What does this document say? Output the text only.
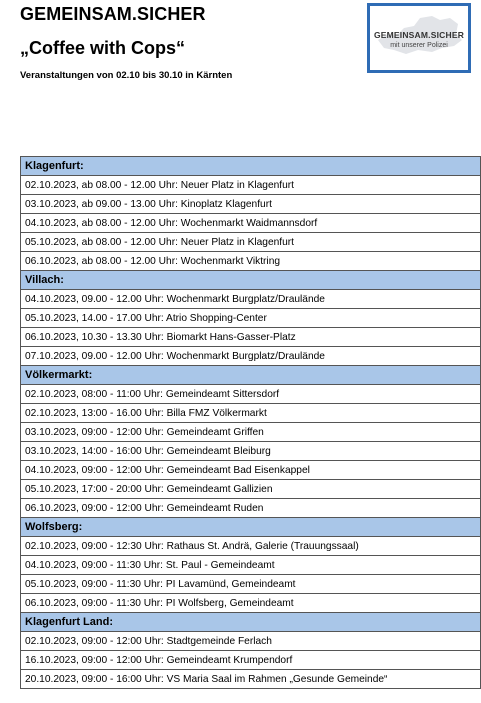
GEMEINSAM.SICHER
„Coffee with Cops“
Veranstaltungen von 02.10 bis 30.10 in Kärnten
GEMEINSAM.SICHER
mit unserer Polizei
Klagenfurt:
02.10.2023, ab 08.00 - 12.00 Uhr: Neuer Platz in Klagenfurt
03.10.2023, ab 09.00 - 13.00 Uhr: Kinoplatz Klagenfurt
04.10.2023, ab 08.00 - 12.00 Uhr: Wochenmarkt Waidmannsdorf
05.10.2023, ab 08.00 - 12.00 Uhr: Neuer Platz in Klagenfurt
06.10.2023, ab 08.00 - 12.00 Uhr: Wochenmarkt Viktring
Villach:
04.10.2023, 09.00 - 12.00 Uhr: Wochenmarkt Burgplatz/Drauländе
05.10.2023, 14.00 - 17.00 Uhr: Atrio Shopping-Center
06.10.2023, 10.30 - 13.30 Uhr: Biomarkt Hans-Gasser-Platz
07.10.2023, 09.00 - 12.00 Uhr: Wochenmarkt Burgplatz/Drauländе
Völkermarkt:
02.10.2023, 08:00 - 11:00 Uhr: Gemeindeamt Sittersdorf
02.10.2023, 13:00 - 16.00 Uhr: Billa FMZ Völkermarkt
03.10.2023, 09:00 - 12:00 Uhr: Gemeindeamt Griffen
03.10.2023, 14:00 - 16:00 Uhr: Gemeindeamt Bleiburg
04.10.2023, 09:00 - 12:00 Uhr: Gemeindeamt Bad Eisenkappel
05.10.2023, 17:00 - 20:00 Uhr: Gemeindeamt Gallizien
06.10.2023, 09:00 - 12:00 Uhr: Gemeindeamt Ruden
Wolfsberg:
02.10.2023, 09:00 - 12:30 Uhr: Rathaus St. Andrä, Galerie (Trauungssaal)
04.10.2023, 09:00 - 11:30 Uhr: St. Paul - Gemeindeamt
05.10.2023, 09:00 - 11:30 Uhr: PI Lavamünd, Gemeindeamt
06.10.2023, 09:00 - 11:30 Uhr: PI Wolfsberg, Gemeindeamt
Klagenfurt Land:
02.10.2023, 09:00 - 12:00 Uhr: Stadtgemeinde Ferlach
16.10.2023, 09:00 - 12:00 Uhr: Gemeindeamt Krumpendorf
20.10.2023, 09:00 - 16:00 Uhr: VS Maria Saal im Rahmen „Gesunde Gemeinde“
